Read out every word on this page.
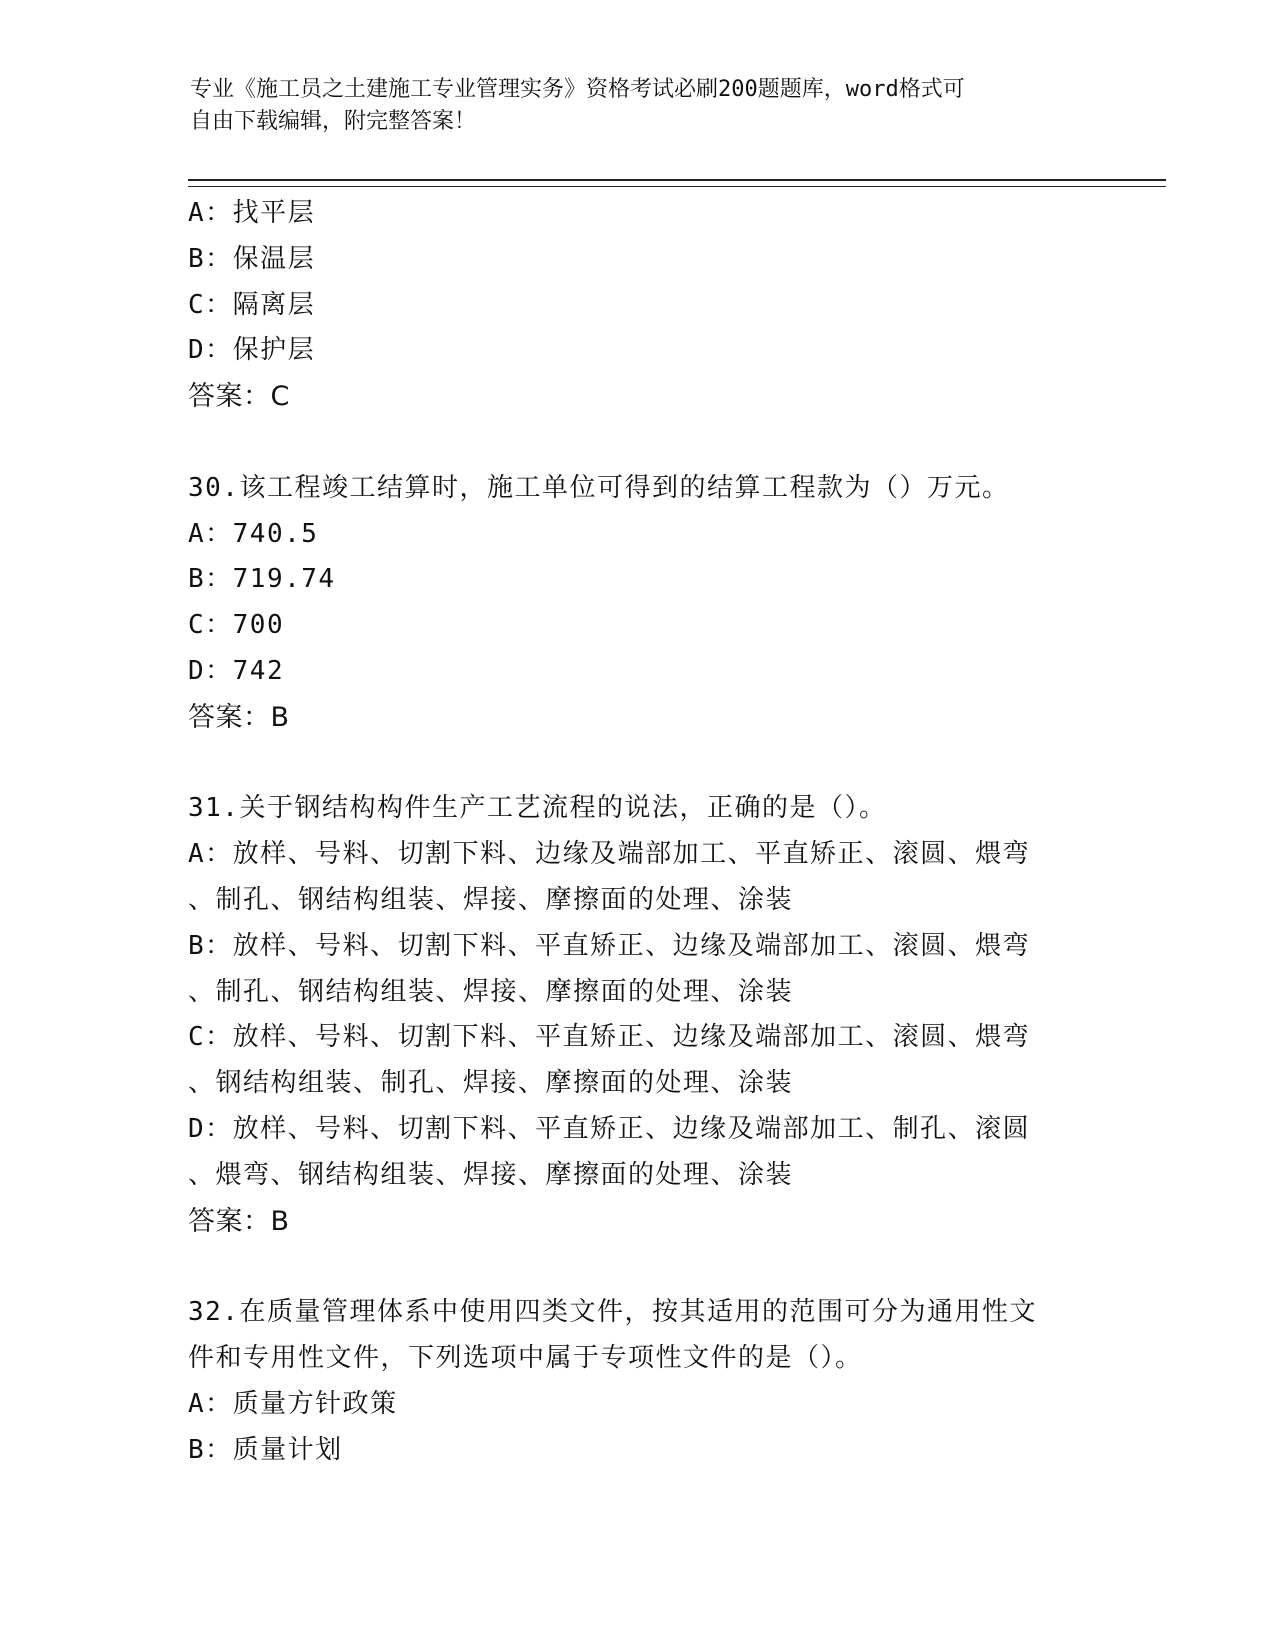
专业《施工员之土建施工专业管理实务》资格考试必刷200题题库，word格式可
自由下载编辑，附完整答案！
A：找平层
B：保温层
C：隔离层
D：保护层
答案：C
30.该工程竣工结算时，施工单位可得到的结算工程款为（）万元。
A：740.5
B：719.74
C：700
D：742
答案：B
31.关于钢结构构件生产工艺流程的说法，正确的是（）。
A：放样、号料、切割下料、边缘及端部加工、平直矫正、滚圆、煨弯
、制孔、钢结构组装、焊接、摩擦面的处理、涂装
B：放样、号料、切割下料、平直矫正、边缘及端部加工、滚圆、煨弯
、制孔、钢结构组装、焊接、摩擦面的处理、涂装
C：放样、号料、切割下料、平直矫正、边缘及端部加工、滚圆、煨弯
、钢结构组装、制孔、焊接、摩擦面的处理、涂装
D：放样、号料、切割下料、平直矫正、边缘及端部加工、制孔、滚圆
、煨弯、钢结构组装、焊接、摩擦面的处理、涂装
答案：B
32.在质量管理体系中使用四类文件，按其适用的范围可分为通用性文
件和专用性文件，下列选项中属于专项性文件的是（）。
A：质量方针政策
B：质量计划
